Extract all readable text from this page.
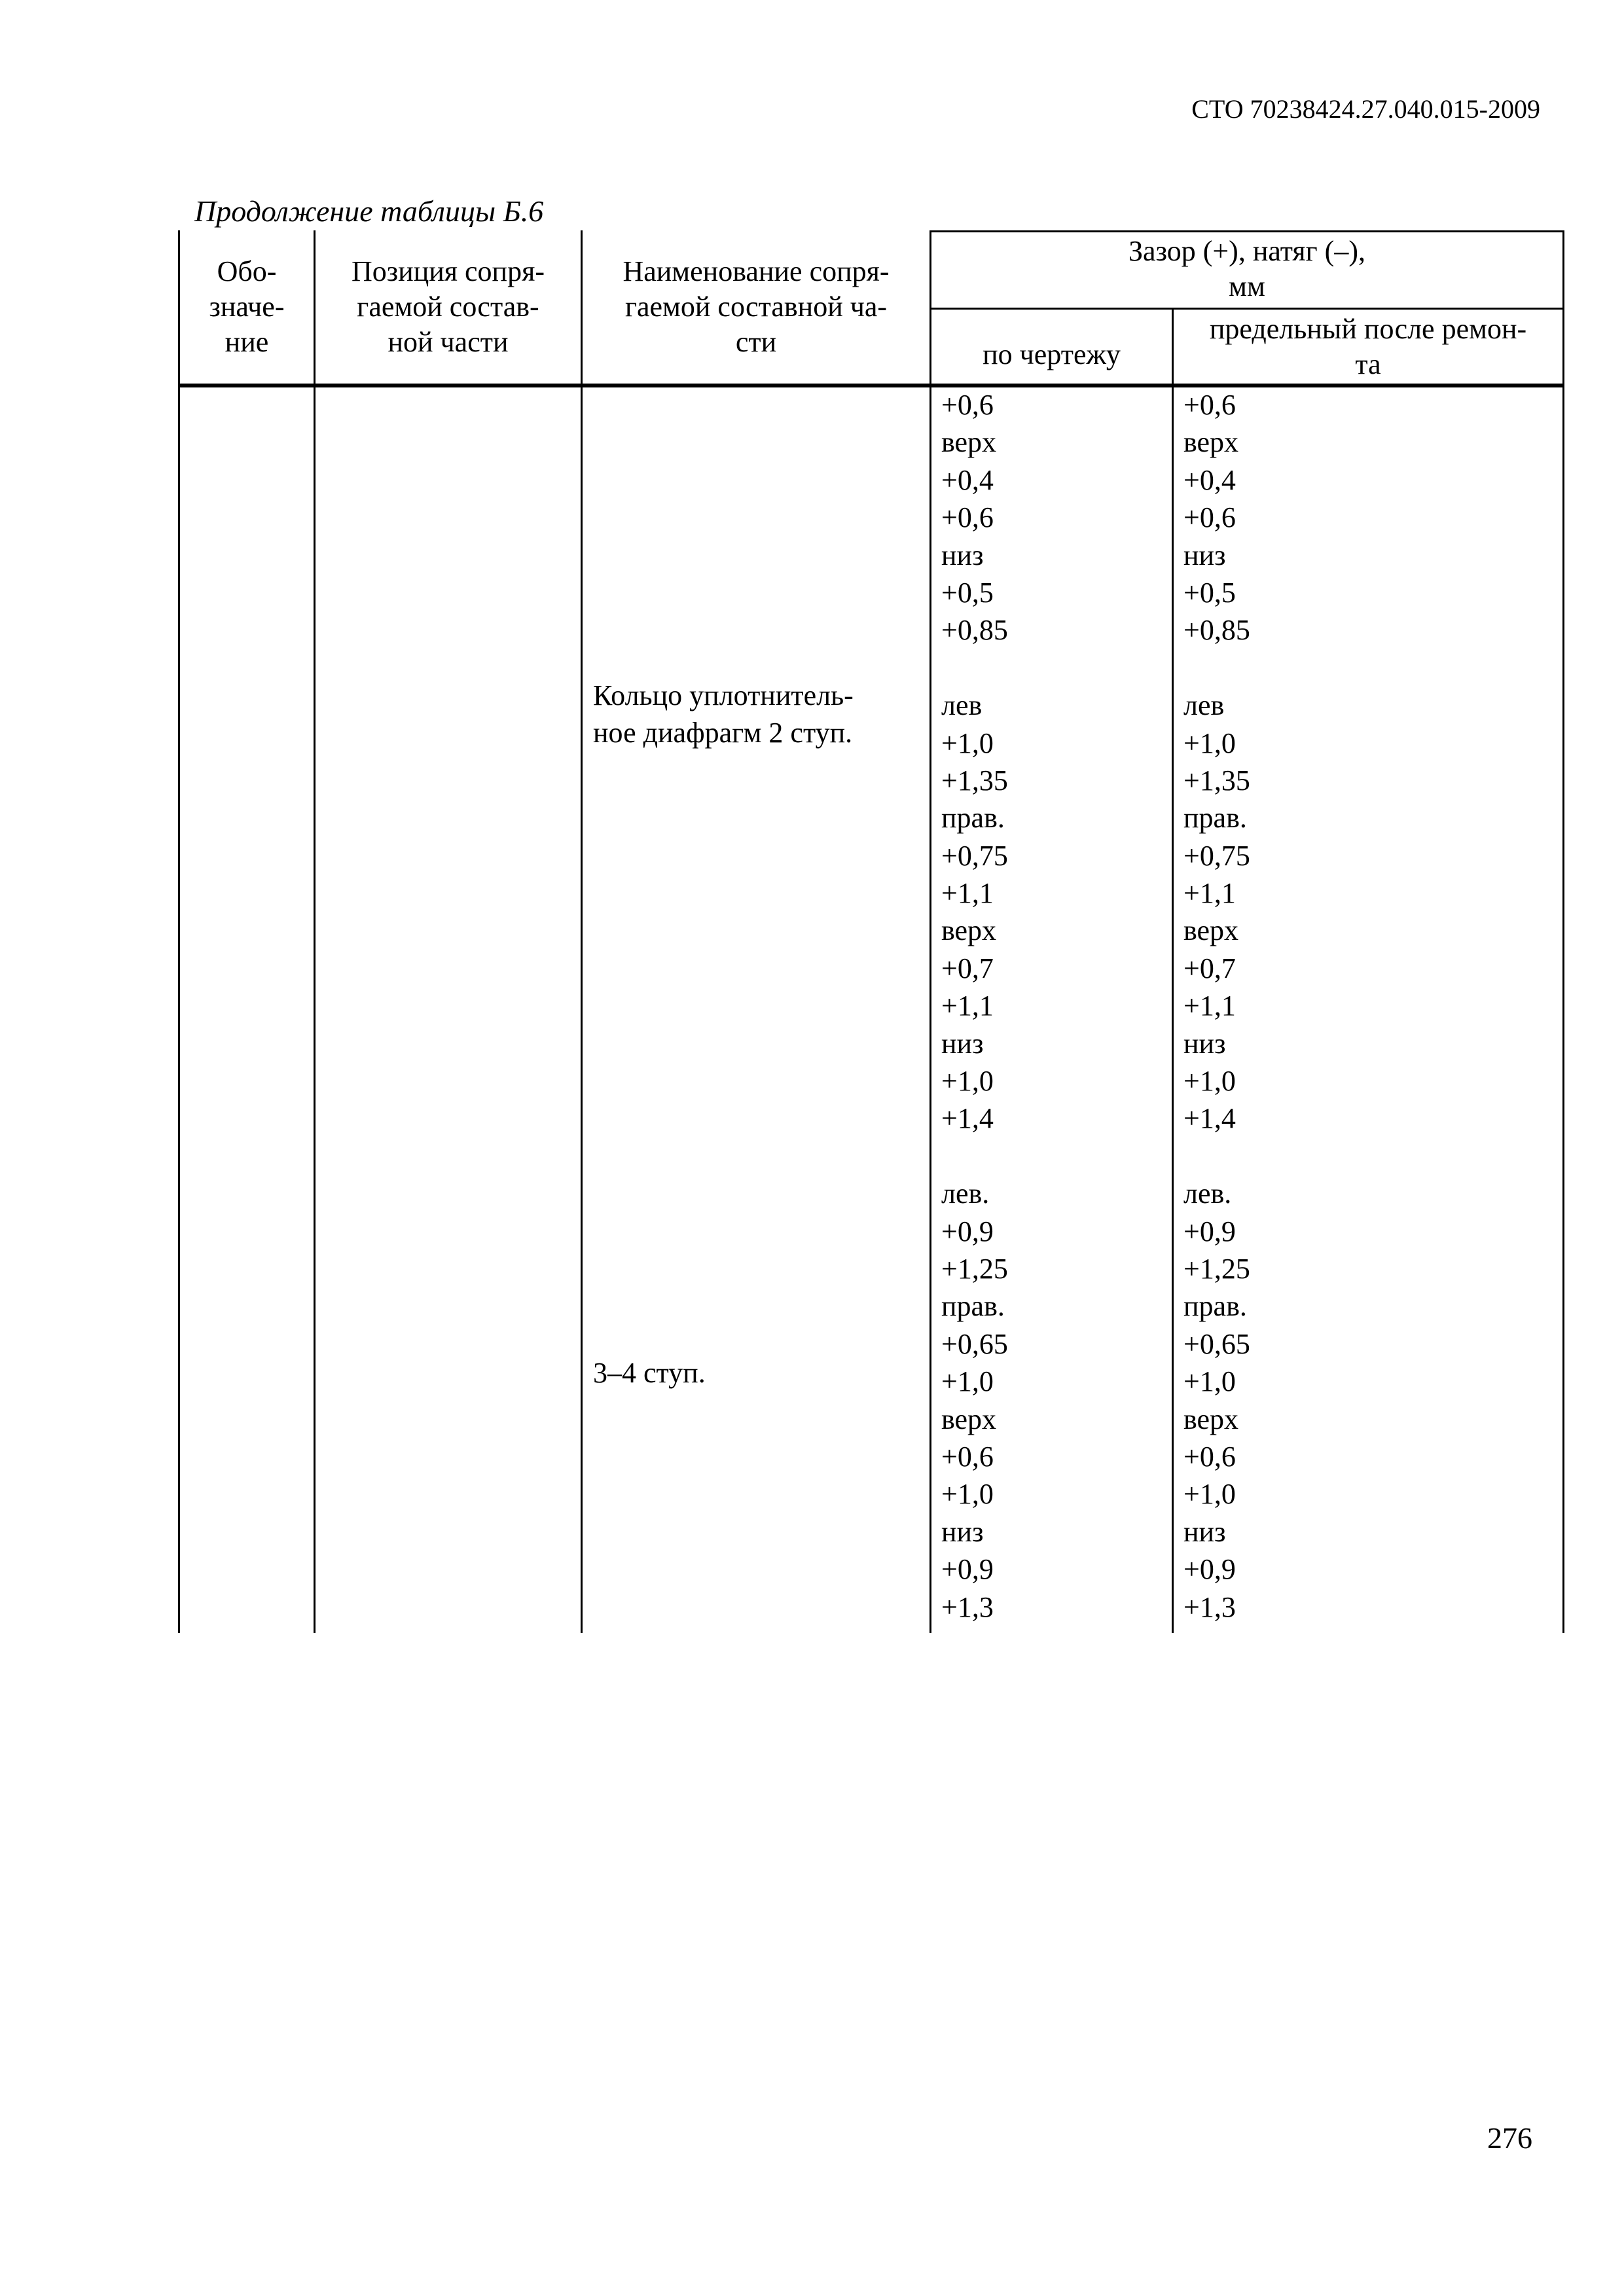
СТО 70238424.27.040.015-2009
Продолжение таблицы Б.6
Обо-
значе-
ние
Позиция сопря-
гаемой состав-
ной части
Наименование сопря-
гаемой составной ча-
сти
Зазор (+), натяг (–),
мм
по чертежу
предельный после ремон-
та
Кольцо уплотнитель-
ное диафрагм 2 ступ.
3–4 ступ.
+0,6
верх
+0,4
+0,6
низ
+0,5
+0,85
лев
+1,0
+1,35
прав.
+0,75
+1,1
верх
+0,7
+1,1
низ
+1,0
+1,4
лев.
+0,9
+1,25
прав.
+0,65
+1,0
верх
+0,6
+1,0
низ
+0,9
+1,3
+0,6
верх
+0,4
+0,6
низ
+0,5
+0,85
лев
+1,0
+1,35
прав.
+0,75
+1,1
верх
+0,7
+1,1
низ
+1,0
+1,4
лев.
+0,9
+1,25
прав.
+0,65
+1,0
верх
+0,6
+1,0
низ
+0,9
+1,3
276
